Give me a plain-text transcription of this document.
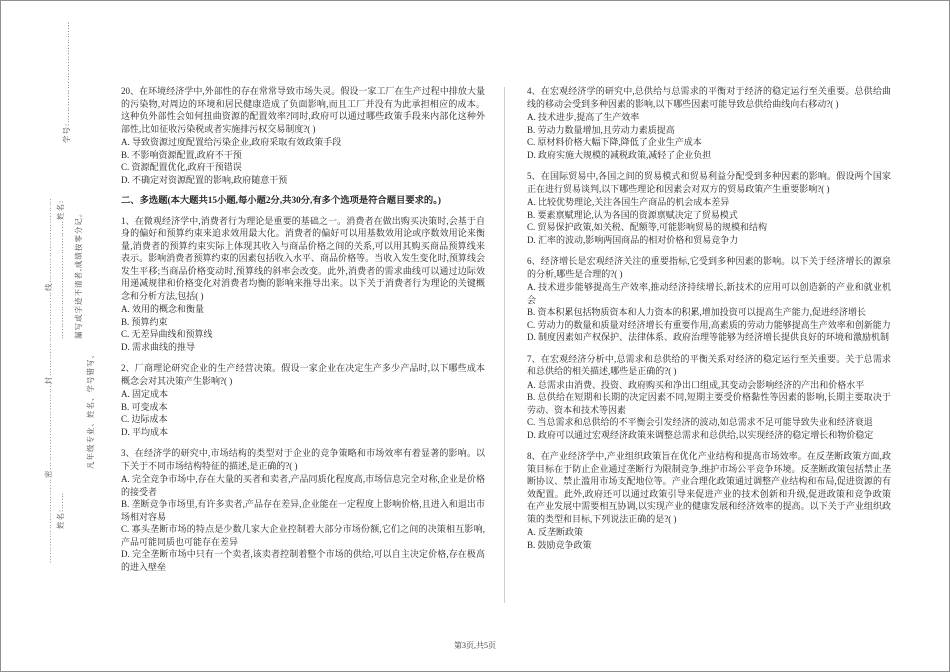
学号:………………………………
……………………………………姓名: 漏写或字迹不清者,成绩按零分记。
凡年级专业、姓名、学号错写、
姓名:……
…………………………密…………………………封…………………………线…………………………

20、在环境经济学中,外部性的存在常常导致市场失灵。假设一家工厂在生产过程中排放大量的污染物,对周边的环境和居民健康造成了负面影响,而且工厂并没有为此承担相应的成本。这种负外部性会如何扭曲资源的配置效率?同时,政府可以通过哪些政策手段来内部化这种外部性,比如征收污染税或者实施排污权交易制度?( )

A. 导致资源过度配置给污染企业,政府采取有效政策手段

B. 不影响资源配置,政府不干预

C. 资源配置优化,政府干预错误

D. 不确定对资源配置的影响,政府随意干预

二、多选题(本大题共15小题,每小题2分,共30分,有多个选项是符合题目要求的。)

1、在微观经济学中,消费者行为理论是重要的基础之一。消费者在做出购买决策时,会基于自身的偏好和预算约束来追求效用最大化。消费者的偏好可以用基数效用论或序数效用论来衡量,消费者的预算约束实际上体现其收入与商品价格之间的关系,可以用其购买商品预算线来表示。影响消费者预算约束的因素包括收入水平、商品价格等。当收入发生变化时,预算线会发生平移;当商品价格变动时,预算线的斜率会改变。此外,消费者的需求曲线可以通过边际效用递减规律和价格变化对消费者均衡的影响来推导出来。以下关于消费者行为理论的关键概念和分析方法,包括( )

A. 效用的概念和衡量

B. 预算约束

C. 无差异曲线和预算线

D. 需求曲线的推导

2、厂商理论研究企业的生产经营决策。假设一家企业在决定生产多少产品时,以下哪些成本概念会对其决策产生影响?( )

A. 固定成本

B. 可变成本

C. 边际成本

D. 平均成本

3、在经济学的研究中,市场结构的类型对于企业的竞争策略和市场效率有着显著的影响。以下关于不同市场结构特征的描述,是正确的?( )

A. 完全竞争市场中,存在大量的买者和卖者,产品同质化程度高,市场信息完全对称,企业是价格的接受者

B. 垄断竞争市场里,有许多卖者,产品存在差异,企业能在一定程度上影响价格,且进入和退出市场相对容易

C. 寡头垄断市场的特点是少数几家大企业控制着大部分市场份额,它们之间的决策相互影响,产品可能同质也可能存在差异

D. 完全垄断市场中只有一个卖者,该卖者控制着整个市场的供给,可以自主决定价格,存在极高的进入壁垒

4、在宏观经济学的研究中,总供给与总需求的平衡对于经济的稳定运行至关重要。总供给曲线的移动会受到多种因素的影响,以下哪些因素可能导致总供给曲线向右移动?( )

A. 技术进步,提高了生产效率

B. 劳动力数量增加,且劳动力素质提高

C. 原材料价格大幅下降,降低了企业生产成本

D. 政府实施大规模的减税政策,减轻了企业负担

5、在国际贸易中,各国之间的贸易模式和贸易利益分配受到多种因素的影响。假设两个国家正在进行贸易谈判,以下哪些理论和因素会对双方的贸易政策产生重要影响?( )

A. 比较优势理论,关注各国生产商品的机会成本差异

B. 要素禀赋理论,认为各国的资源禀赋决定了贸易模式

C. 贸易保护政策,如关税、配额等,可能影响贸易的规模和结构

D. 汇率的波动,影响两国商品的相对价格和贸易竞争力

6、经济增长是宏观经济关注的重要指标,它受到多种因素的影响。以下关于经济增长的源泉的分析,哪些是合理的?( )

A. 技术进步能够提高生产效率,推动经济持续增长,新技术的应用可以创造新的产业和就业机会

B. 资本积累包括物质资本和人力资本的积累,增加投资可以提高生产能力,促进经济增长

C. 劳动力的数量和质量对经济增长有重要作用,高素质的劳动力能够提高生产效率和创新能力

D. 制度因素如产权保护、法律体系、政府治理等能够为经济增长提供良好的环境和激励机制

7、在宏观经济分析中,总需求和总供给的平衡关系对经济的稳定运行至关重要。关于总需求和总供给的相关描述,哪些是正确的?( )

A. 总需求由消费、投资、政府购买和净出口组成,其变动会影响经济的产出和价格水平

B. 总供给在短期和长期的决定因素不同,短期主要受价格黏性等因素的影响,长期主要取决于劳动、资本和技术等因素

C. 当总需求和总供给的不平衡会引发经济的波动,如总需求不足可能导致失业和经济衰退

D. 政府可以通过宏观经济政策来调整总需求和总供给,以实现经济的稳定增长和物价稳定

8、在产业经济学中,产业组织政策旨在优化产业结构和提高市场效率。在反垄断政策方面,政策目标在于防止企业通过垄断行为限制竞争,维护市场公平竞争环境。反垄断政策包括禁止垄断协议、禁止滥用市场支配地位等。产业合理化政策通过调整产业结构和布局,促进资源的有效配置。此外,政府还可以通过政策引导来促进产业的技术创新和升级,促进政策和竞争政策在产业发展中需要相互协调,以实现产业的健康发展和经济效率的提高。以下关于产业组织政策的类型和目标,下列说法正确的是?( )

A. 反垄断政策

B. 鼓励竞争政策

第3页,共5页
